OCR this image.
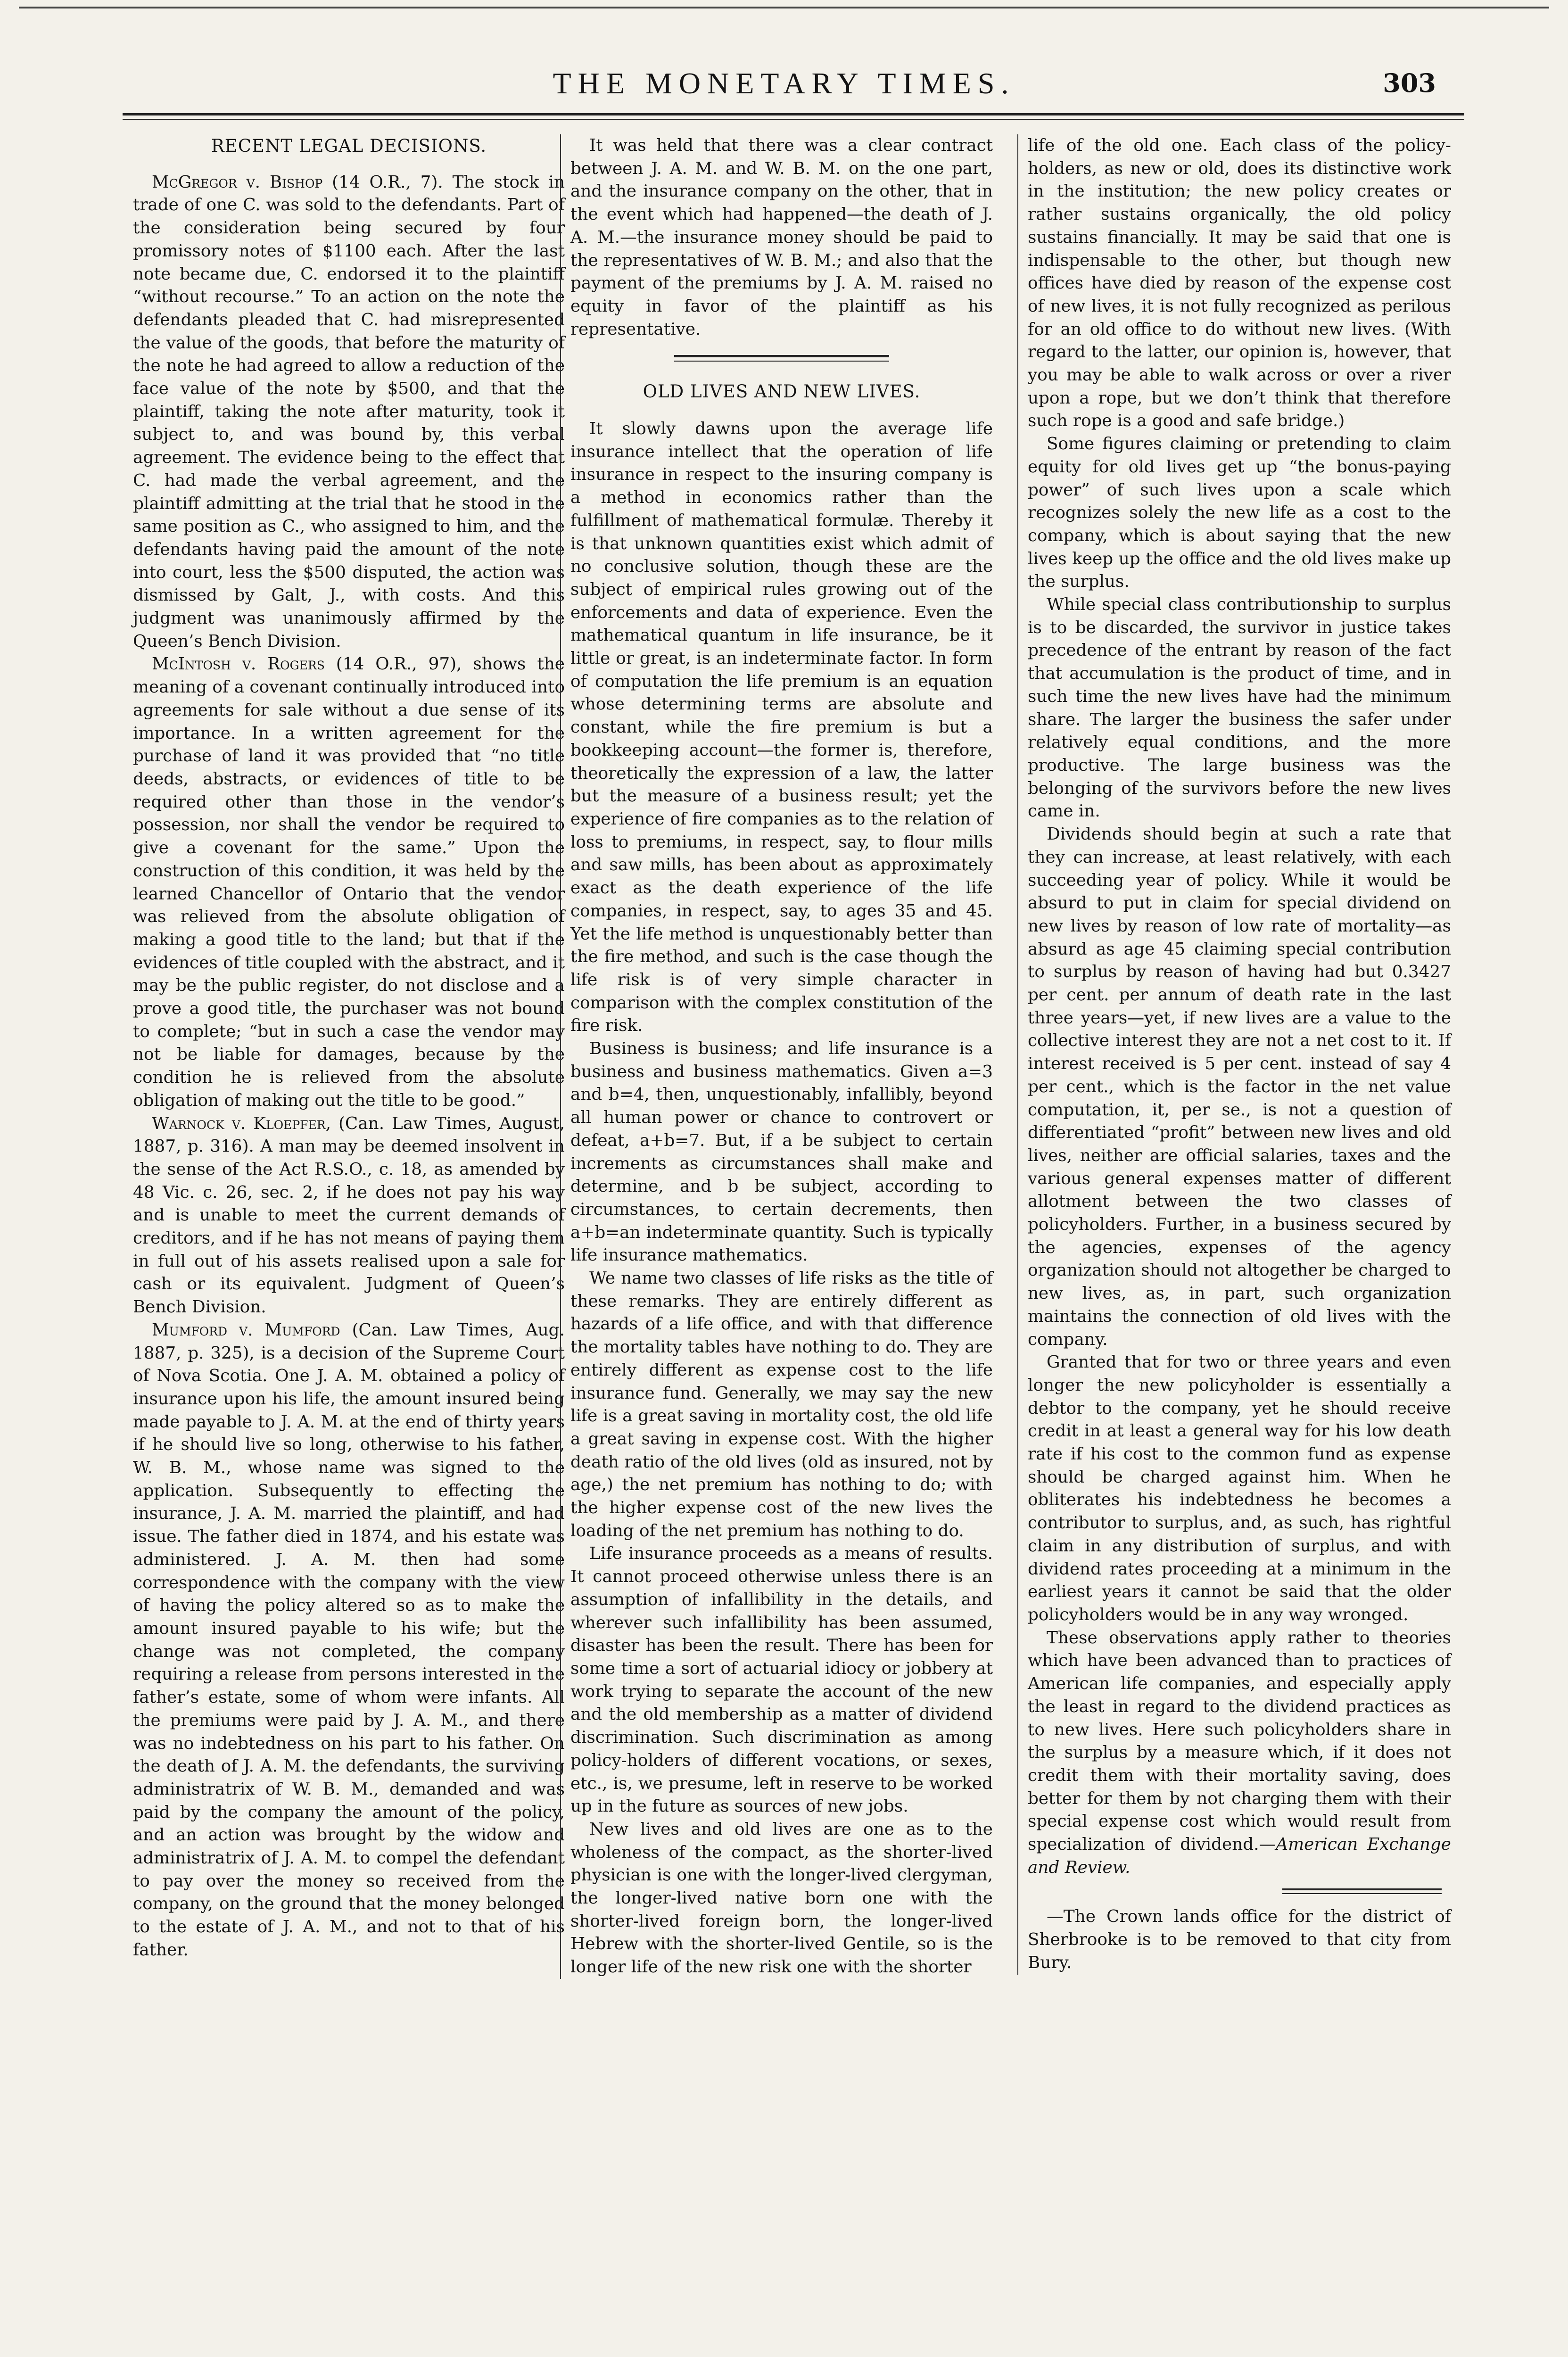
THE MONETARY TIMES.	303
RECENT LEGAL DECISIONS.

McGregor v. Bishop (14 O.R., 7). The stock in trade of one C. was sold to the defendants. Part of the consideration being secured by four promissory notes of $1100 each. After the last note became due, C. endorsed it to the plaintiff “without recourse.” To an action on the note the defendants pleaded that C. had misrepresented the value of the goods, that before the maturity of the note he had agreed to allow a reduction of the face value of the note by $500, and that the plaintiff, taking the note after maturity, took it subject to, and was bound by, this verbal agreement. The evidence being to the effect that C. had made the verbal agreement, and the plaintiff admitting at the trial that he stood in the same position as C., who assigned to him, and the defendants having paid the amount of the note into court, less the $500 disputed, the action was dismissed by Galt, J., with costs. And this judgment was unanimously affirmed by the Queen’s Bench Division.

McIntosh v. Rogers (14 O.R., 97), shows the meaning of a covenant continually introduced into agreements for sale without a due sense of its importance. In a written agreement for the purchase of land it was provided that “no title deeds, abstracts, or evidences of title to be required other than those in the vendor’s possession, nor shall the vendor be required to give a covenant for the same.” Upon the construction of this condition, it was held by the learned Chancellor of Ontario that the vendor was relieved from the absolute obligation of making a good title to the land; but that if the evidences of title coupled with the abstract, and it may be the public register, do not disclose and a prove a good title, the purchaser was not bound to complete; “but in such a case the vendor may not be liable for damages, because by the condition he is relieved from the absolute obligation of making out the title to be good.”

Warnock v. Kloepfer, (Can. Law Times, August, 1887, p. 316). A man may be deemed insolvent in the sense of the Act R.S.O., c. 18, as amended by 48 Vic. c. 26, sec. 2, if he does not pay his way and is unable to meet the current demands of creditors, and if he has not means of paying them in full out of his assets realised upon a sale for cash or its equivalent. Judgment of Queen’s Bench Division.

Mumford v. Mumford (Can. Law Times, Aug. 1887, p. 325), is a decision of the Supreme Court of Nova Scotia. One J. A. M. obtained a policy of insurance upon his life, the amount insured being made payable to J. A. M. at the end of thirty years if he should live so long, otherwise to his father, W. B. M., whose name was signed to the application. Subsequently to effecting the insurance, J. A. M. married the plaintiff, and had issue. The father died in 1874, and his estate was administered. J. A. M. then had some correspondence with the company with the view of having the policy altered so as to make the amount insured payable to his wife; but the change was not completed, the company requiring a release from persons interested in the father’s estate, some of whom were infants. All the premiums were paid by J. A. M., and there was no indebtedness on his part to his father. On the death of J. A. M. the defendants, the surviving administratrix of W. B. M., demanded and was paid by the company the amount of the policy, and an action was brought by the widow and administratrix of J. A. M. to compel the defendant to pay over the money so received from the company, on the ground that the money belonged to the estate of J. A. M., and not to that of his father.

It was held that there was a clear contract between J. A. M. and W. B. M. on the one part, and the insurance company on the other, that in the event which had happened—the death of J. A. M.—the insurance money should be paid to the representatives of W. B. M.; and also that the payment of the premiums by J. A. M. raised no equity in favor of the plaintiff as his representative.

OLD LIVES AND NEW LIVES.

It slowly dawns upon the average life insurance intellect that the operation of life insurance in respect to the insuring company is a method in economics rather than the fulfillment of mathematical formulæ. Thereby it is that unknown quantities exist which admit of no conclusive solution, though these are the subject of empirical rules growing out of the enforcements and data of experience. Even the mathematical quantum in life insurance, be it little or great, is an indeterminate factor. In form of computation the life premium is an equation whose determining terms are absolute and constant, while the fire premium is but a bookkeeping account—the former is, therefore, theoretically the expression of a law, the latter but the measure of a business result; yet the experience of fire companies as to the relation of loss to premiums, in respect, say, to flour mills and saw mills, has been about as approximately exact as the death experience of the life companies, in respect, say, to ages 35 and 45. Yet the life method is unquestionably better than the fire method, and such is the case though the life risk is of very simple character in comparison with the complex constitution of the fire risk.

Business is business; and life insurance is a business and business mathematics. Given a=3 and b=4, then, unquestionably, infallibly, beyond all human power or chance to controvert or defeat, a+b=7. But, if a be subject to certain increments as circumstances shall make and determine, and b be subject, according to circumstances, to certain decrements, then a+b=an indeterminate quantity. Such is typically life insurance mathematics.

We name two classes of life risks as the title of these remarks. They are entirely different as hazards of a life office, and with that difference the mortality tables have nothing to do. They are entirely different as expense cost to the life insurance fund. Generally, we may say the new life is a great saving in mortality cost, the old life a great saving in expense cost. With the higher death ratio of the old lives (old as insured, not by age,) the net premium has nothing to do; with the higher expense cost of the new lives the loading of the net premium has nothing to do.

Life insurance proceeds as a means of results. It cannot proceed otherwise unless there is an assumption of infallibility in the details, and wherever such infallibility has been assumed, disaster has been the result. There has been for some time a sort of actuarial idiocy or jobbery at work trying to separate the account of the new and the old membership as a matter of dividend discrimination. Such discrimination as among policy-holders of different vocations, or sexes, etc., is, we presume, left in reserve to be worked up in the future as sources of new jobs.

New lives and old lives are one as to the wholeness of the compact, as the shorter-lived physician is one with the longer-lived clergyman, the longer-lived native born one with the shorter-lived foreign born, the longer-lived Hebrew with the shorter-lived Gentile, so is the longer life of the new risk one with the shorter

life of the old one. Each class of the policy-holders, as new or old, does its distinctive work in the institution; the new policy creates or rather sustains organically, the old policy sustains financially. It may be said that one is indispensable to the other, but though new offices have died by reason of the expense cost of new lives, it is not fully recognized as perilous for an old office to do without new lives. (With regard to the latter, our opinion is, however, that you may be able to walk across or over a river upon a rope, but we don’t think that therefore such rope is a good and safe bridge.)

Some figures claiming or pretending to claim equity for old lives get up “the bonus-paying power” of such lives upon a scale which recognizes solely the new life as a cost to the company, which is about saying that the new lives keep up the office and the old lives make up the surplus.

While special class contributionship to surplus is to be discarded, the survivor in justice takes precedence of the entrant by reason of the fact that accumulation is the product of time, and in such time the new lives have had the minimum share. The larger the business the safer under relatively equal conditions, and the more productive. The large business was the belonging of the survivors before the new lives came in.

Dividends should begin at such a rate that they can increase, at least relatively, with each succeeding year of policy. While it would be absurd to put in claim for special dividend on new lives by reason of low rate of mortality—as absurd as age 45 claiming special contribution to surplus by reason of having had but 0.3427 per cent. per annum of death rate in the last three years—yet, if new lives are a value to the collective interest they are not a net cost to it. If interest received is 5 per cent. instead of say 4 per cent., which is the factor in the net value computation, it, per se., is not a question of differentiated “profit” between new lives and old lives, neither are official salaries, taxes and the various general expenses matter of different allotment between the two classes of policyholders. Further, in a business secured by the agencies, expenses of the agency organization should not altogether be charged to new lives, as, in part, such organization maintains the connection of old lives with the company.

Granted that for two or three years and even longer the new policyholder is essentially a debtor to the company, yet he should receive credit in at least a general way for his low death rate if his cost to the common fund as expense should be charged against him. When he obliterates his indebtedness he becomes a contributor to surplus, and, as such, has rightful claim in any distribution of surplus, and with dividend rates proceeding at a minimum in the earliest years it cannot be said that the older policyholders would be in any way wronged.

These observations apply rather to theories which have been advanced than to practices of American life companies, and especially apply the least in regard to the dividend practices as to new lives. Here such policyholders share in the surplus by a measure which, if it does not credit them with their mortality saving, does better for them by not charging them with their special expense cost which would result from specialization of dividend.—American Exchange and Review.

—The Crown lands office for the district of Sherbrooke is to be removed to that city from Bury.
